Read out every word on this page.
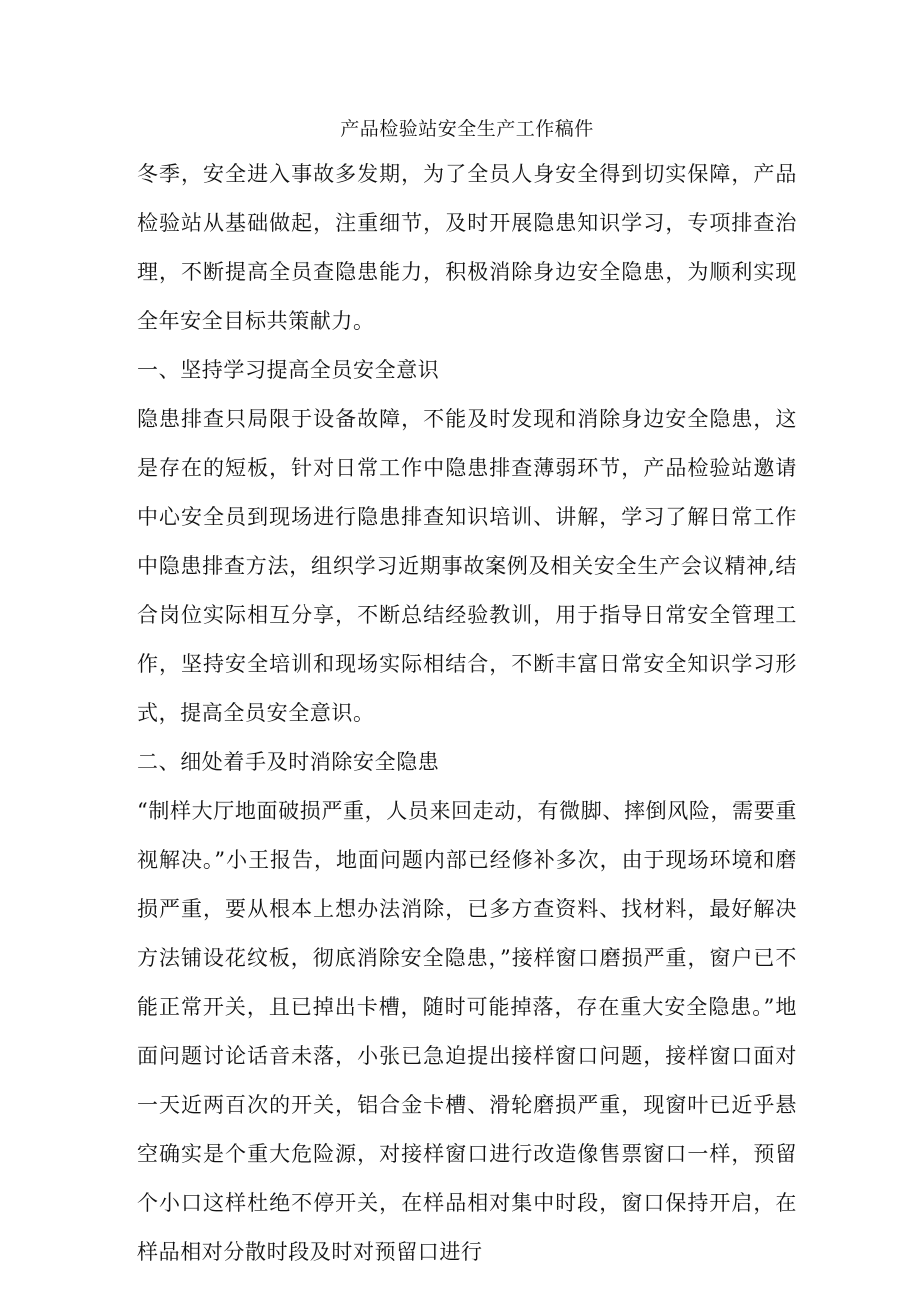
产品检验站安全生产工作稿件

冬季，安全进入事故多发期，为了全员人身安全得到切实保障，产品检验站从基础做起，注重细节，及时开展隐患知识学习，专项排查治理，不断提高全员查隐患能力，积极消除身边安全隐患，为顺利实现全年安全目标共策献力。

一、坚持学习提高全员安全意识

隐患排查只局限于设备故障，不能及时发现和消除身边安全隐患，这是存在的短板，针对日常工作中隐患排查薄弱环节，产品检验站邀请中心安全员到现场进行隐患排查知识培训、讲解，学习了解日常工作中隐患排查方法，组织学习近期事故案例及相关安全生产会议精神,结合岗位实际相互分享，不断总结经验教训，用于指导日常安全管理工作，坚持安全培训和现场实际相结合，不断丰富日常安全知识学习形式，提高全员安全意识。

二、细处着手及时消除安全隐患

“制样大厅地面破损严重，人员来回走动，有微脚、摔倒风险，需要重视解决。”小王报告，地面问题内部已经修补多次，由于现场环境和磨损严重，要从根本上想办法消除，已多方查资料、找材料，最好解决方法铺设花纹板，彻底消除安全隐患，”接样窗口磨损严重，窗户已不能正常开关，且已掉出卡槽，随时可能掉落，存在重大安全隐患。”地面问题讨论话音未落，小张已急迫提出接样窗口问题，接样窗口面对一天近两百次的开关，铝合金卡槽、滑轮磨损严重，现窗叶已近乎悬空确实是个重大危险源，对接样窗口进行改造像售票窗口一样，预留个小口这样杜绝不停开关，在样品相对集中时段，窗口保持开启，在样品相对分散时段及时对预留口进行
